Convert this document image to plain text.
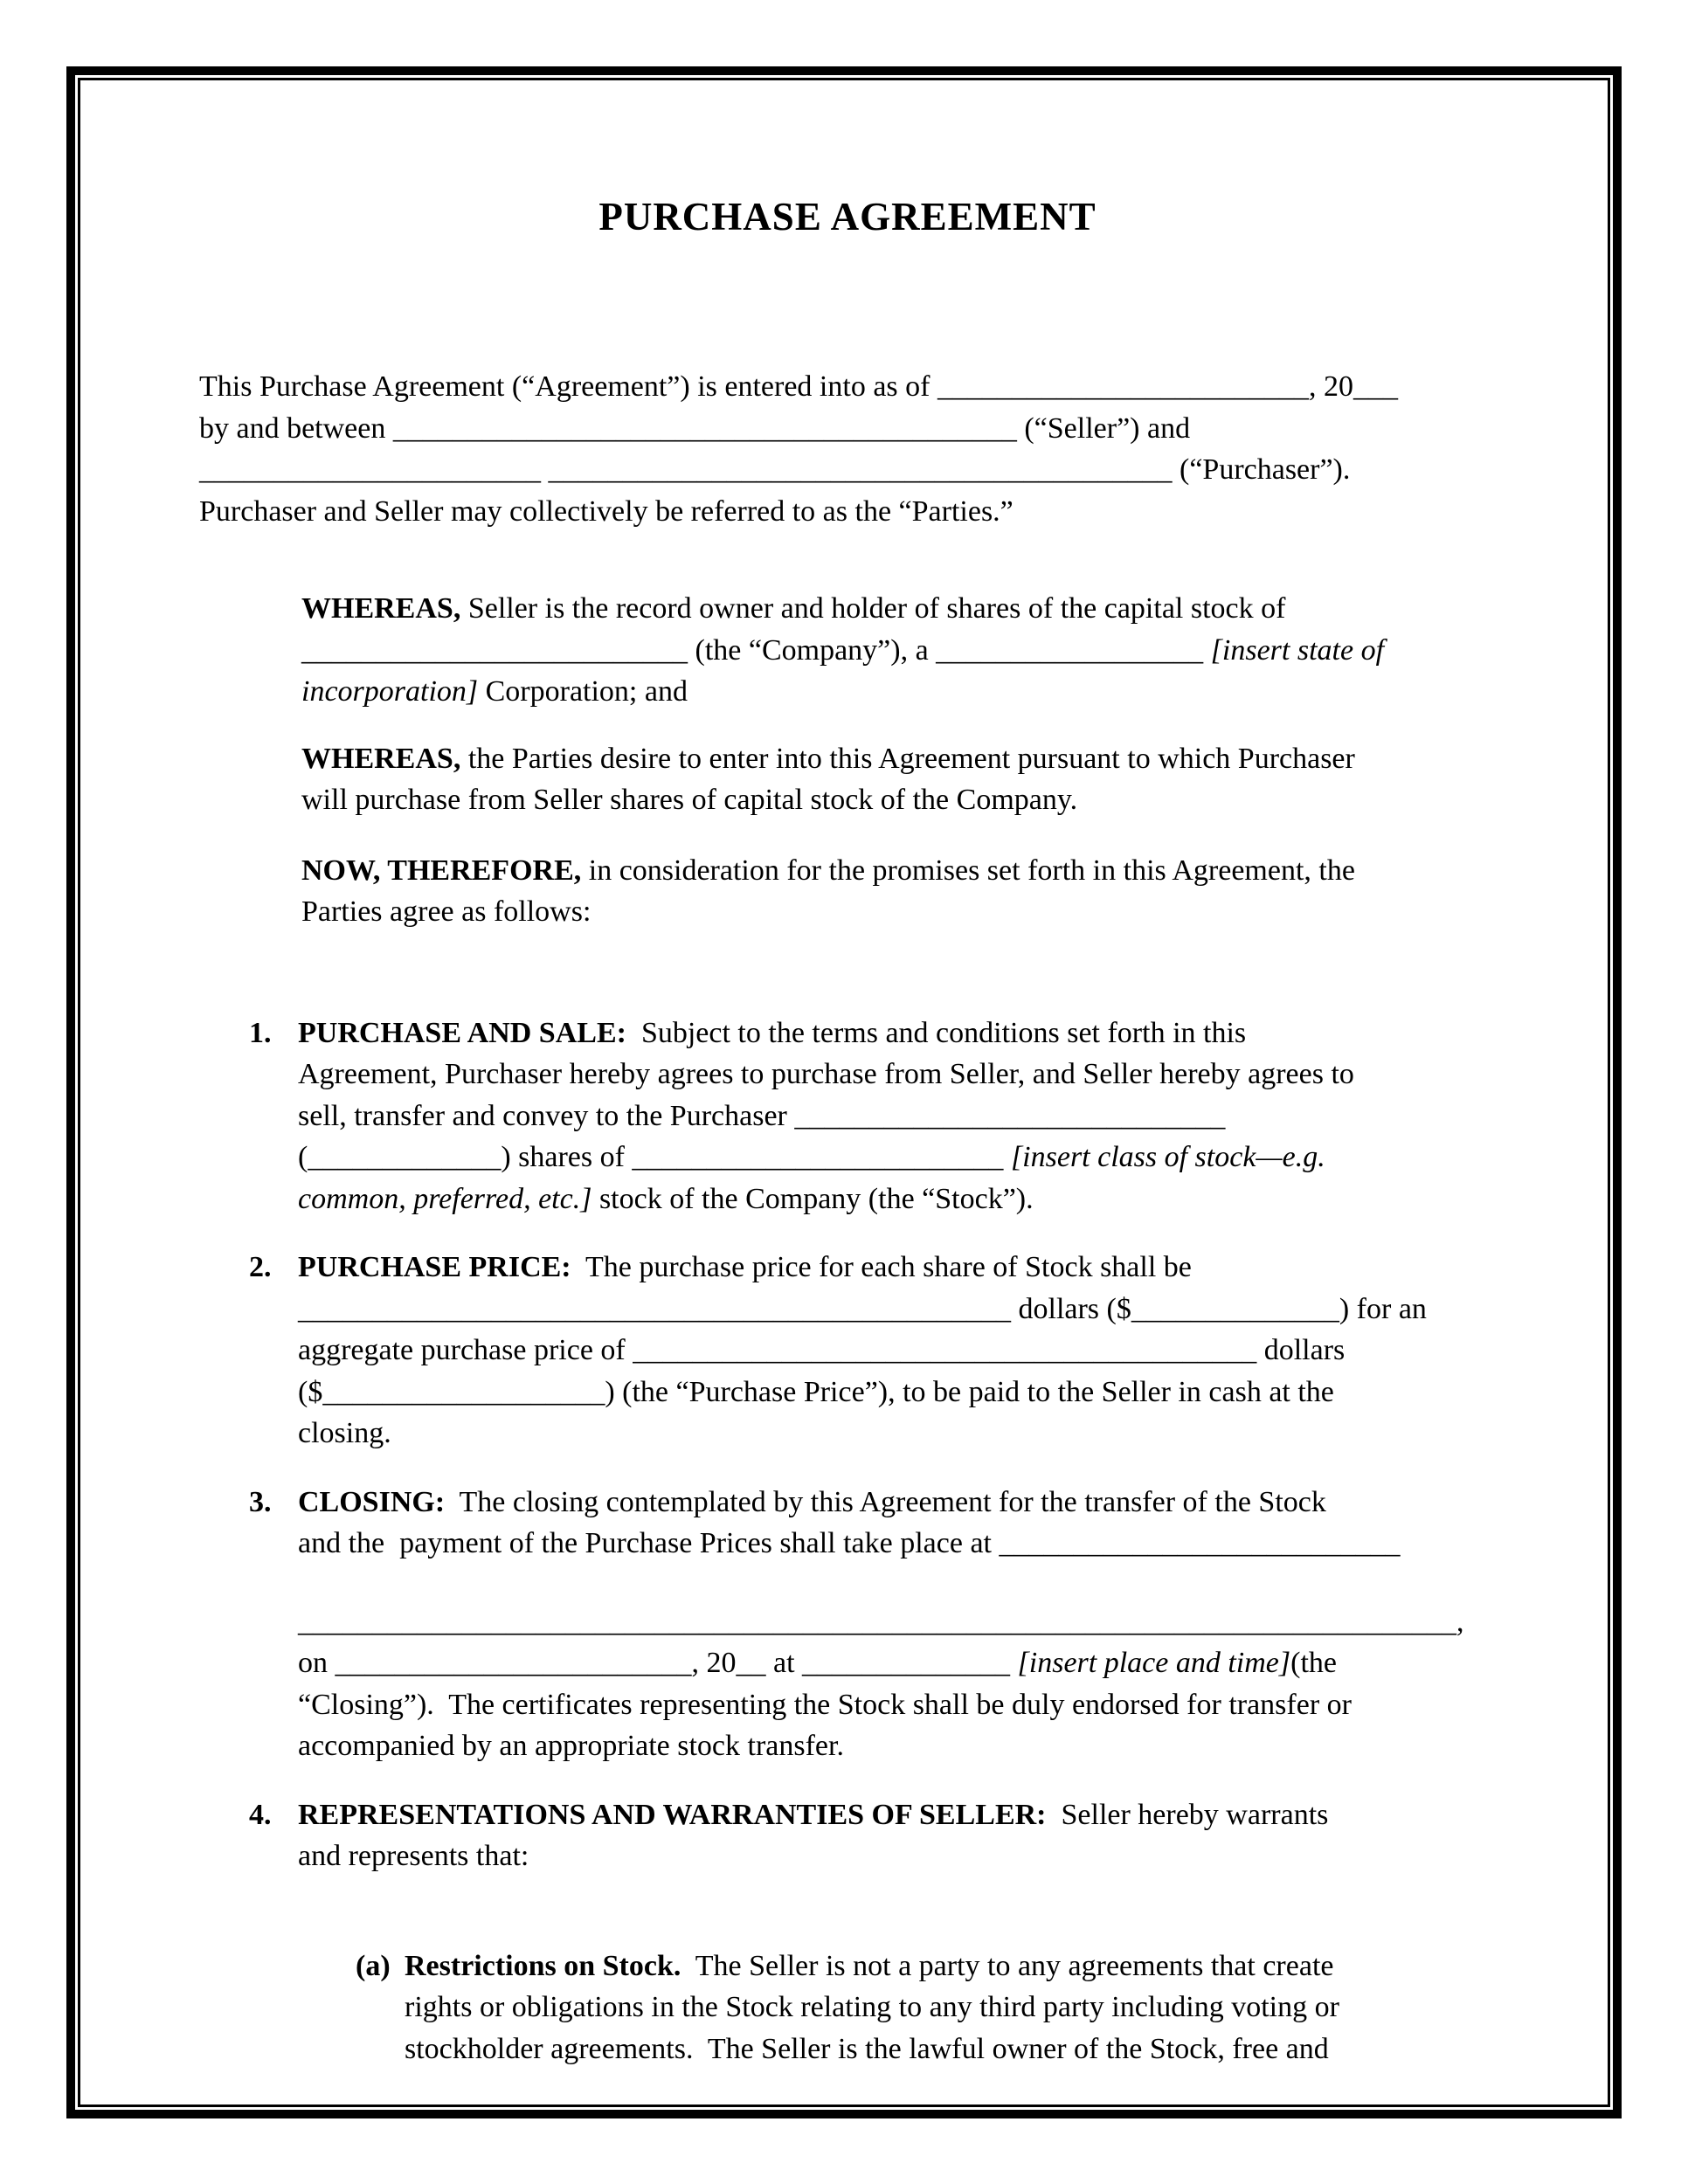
PURCHASE AGREEMENT
This Purchase Agreement (“Agreement”) is entered into as of _________________________, 20___
by and between __________________________________________ (“Seller”) and
_______________________ __________________________________________ (“Purchaser”).
Purchaser and Seller may collectively be referred to as the “Parties.”
WHEREAS, Seller is the record owner and holder of shares of the capital stock of
__________________________ (the “Company”), a __________________ [insert state of
incorporation] Corporation; and
WHEREAS, the Parties desire to enter into this Agreement pursuant to which Purchaser
will purchase from Seller shares of capital stock of the Company.
NOW, THEREFORE, in consideration for the promises set forth in this Agreement, the
Parties agree as follows:
1. PURCHASE AND SALE:  Subject to the terms and conditions set forth in this
Agreement, Purchaser hereby agrees to purchase from Seller, and Seller hereby agrees to
sell, transfer and convey to the Purchaser _____________________________
(_____________) shares of _________________________ [insert class of stock—e.g.
common, preferred, etc.] stock of the Company (the “Stock”).
2. PURCHASE PRICE:  The purchase price for each share of Stock shall be
________________________________________________ dollars ($______________) for an
aggregate purchase price of __________________________________________ dollars
($___________________) (the “Purchase Price”), to be paid to the Seller in cash at the
closing.
3. CLOSING:  The closing contemplated by this Agreement for the transfer of the Stock
and the  payment of the Purchase Prices shall take place at ___________________________
______________________________________________________________________________,
on ________________________, 20__ at ______________ [insert place and time](the
“Closing”).  The certificates representing the Stock shall be duly endorsed for transfer or
accompanied by an appropriate stock transfer.
4. REPRESENTATIONS AND WARRANTIES OF SELLER:  Seller hereby warrants
and represents that:
(a) Restrictions on Stock.  The Seller is not a party to any agreements that create
rights or obligations in the Stock relating to any third party including voting or
stockholder agreements.  The Seller is the lawful owner of the Stock, free and
